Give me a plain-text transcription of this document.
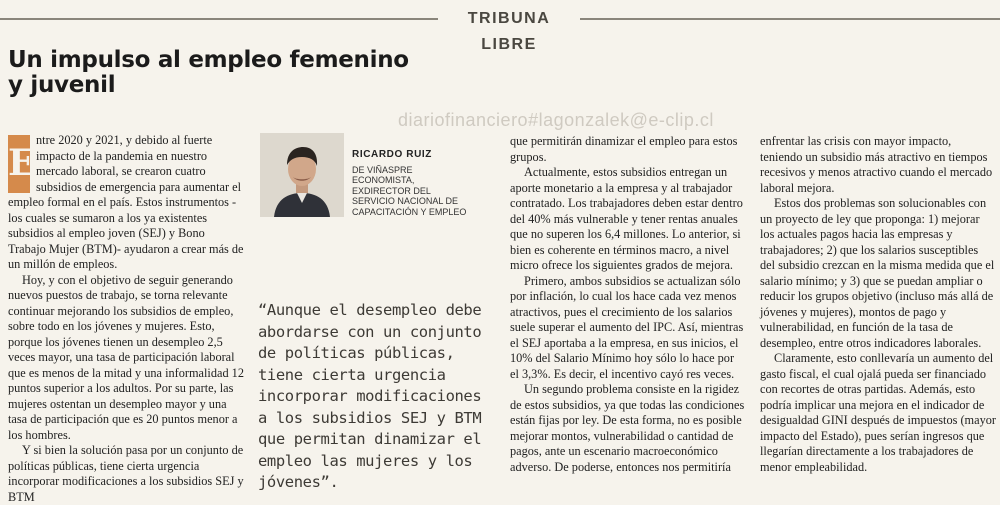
TRIBUNA LIBRE
Un impulso al empleo femenino y juvenil
diariofinanciero#lagonzalek@e-clip.cl
E

ntre 2020 y 2021, y debido al fuerte impacto de la pandemia en nuestro mercado laboral, se crearon cuatro subsidios de emergencia para aumentar el empleo formal en el país. Estos instrumentos -los cuales se sumaron a los ya existentes subsidios al empleo joven (SEJ) y Bono Trabajo Mujer (BTM)- ayudaron a crear más de un millón de empleos.

Hoy, y con el objetivo de seguir generando nuevos puestos de trabajo, se torna relevante continuar mejorando los subsidios de empleo, sobre todo en los jóvenes y mujeres. Esto, porque los jóvenes tienen un desempleo 2,5 veces mayor, una tasa de participación laboral que es menos de la mitad y una informalidad 12 puntos superior a los adultos. Por su parte, las mujeres ostentan un desempleo mayor y una tasa de participación que es 20 puntos menor a los hombres.

Y si bien la solución pasa por un conjunto de políticas públicas, tiene cierta urgencia incorporar modificaciones a los subsidios SEJ y BTM

RICARDO RUIZ
DE VIÑASPRE
ECONOMISTA,
EXDIRECTOR DEL
SERVICIO NACIONAL DE
CAPACITACIÓN Y EMPLEO
“Aunque el desempleo debe abordarse con un conjunto de políticas públicas, tiene cierta urgencia incorporar modificaciones a los subsidios SEJ y BTM que permitan dinamizar el empleo las mujeres y los jóvenes”.

que permitirán dinamizar el empleo para estos grupos.

Actualmente, estos subsidios entregan un aporte monetario a la empresa y al trabajador contratado. Los trabajadores deben estar dentro del 40% más vulnerable y tener rentas anuales que no superen los 6,4 millones. Lo anterior, si bien es coherente en términos macro, a nivel micro ofrece los siguientes grados de mejora.

Primero, ambos subsidios se actualizan sólo por inflación, lo cual los hace cada vez menos atractivos, pues el crecimiento de los salarios suele superar el aumento del IPC. Así, mientras el SEJ aportaba a la empresa, en sus inicios, el 10% del Salario Mínimo hoy sólo lo hace por el 3,3%. Es decir, el incentivo cayó res veces.

Un segundo problema consiste en la rigidez de estos subsidios, ya que todas las condiciones están fijas por ley. De esta forma, no es posible mejorar montos, vulnerabilidad o cantidad de pagos, ante un escenario macroeconómico adverso. De poderse, entonces nos permitiría

enfrentar las crisis con mayor impacto, teniendo un subsidio más atractivo en tiempos recesivos y menos atractivo cuando el mercado laboral mejora.

Estos dos problemas son solucionables con un proyecto de ley que proponga: 1) mejorar los actuales pagos hacia las empresas y trabajadores; 2) que los salarios susceptibles del subsidio crezcan en la misma medida que el salario mínimo; y 3) que se puedan ampliar o reducir los grupos objetivo (incluso más allá de jóvenes y mujeres), montos de pago y vulnerabilidad, en función de la tasa de desempleo, entre otros indicadores laborales.

Claramente, esto conllevaría un aumento del gasto fiscal, el cual ojalá pueda ser financiado con recortes de otras partidas. Además, esto podría implicar una mejora en el indicador de desigualdad GINI después de impuestos (mayor impacto del Estado), pues serían ingresos que llegarían directamente a los trabajadores de menor empleabilidad.
